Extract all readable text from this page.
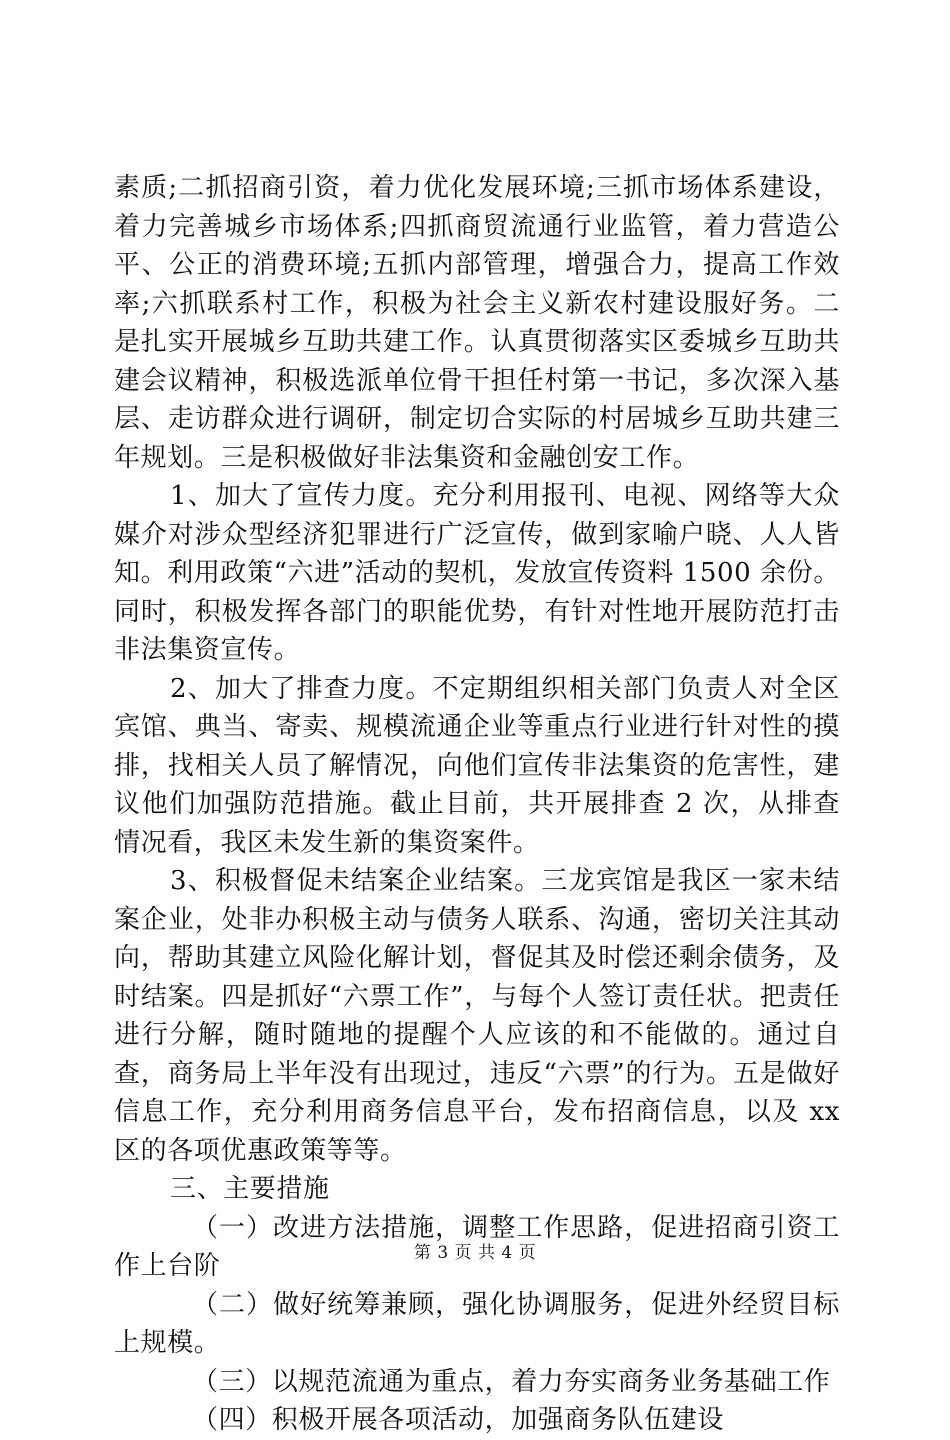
素质;二抓招商引资，着力优化发展环境;三抓市场体系建设，着力完善城乡市场体系;四抓商贸流通行业监管，着力营造公平、公正的消费环境;五抓内部管理，增强合力，提高工作效率;六抓联系村工作，积极为社会主义新农村建设服好务。二是扎实开展城乡互助共建工作。认真贯彻落实区委城乡互助共建会议精神，积极选派单位骨干担任村第一书记，多次深入基层、走访群众进行调研，制定切合实际的村居城乡互助共建三年规划。三是积极做好非法集资和金融创安工作。

1、加大了宣传力度。充分利用报刊、电视、网络等大众媒介对涉众型经济犯罪进行广泛宣传，做到家喻户晓、人人皆知。利用政策“六进”活动的契机，发放宣传资料 1500 余份。同时，积极发挥各部门的职能优势，有针对性地开展防范打击非法集资宣传。

2、加大了排查力度。不定期组织相关部门负责人对全区宾馆、典当、寄卖、规模流通企业等重点行业进行针对性的摸排，找相关人员了解情况，向他们宣传非法集资的危害性，建议他们加强防范措施。截止目前，共开展排查 2 次，从排查情况看，我区未发生新的集资案件。

3、积极督促未结案企业结案。三龙宾馆是我区一家未结案企业，处非办积极主动与债务人联系、沟通，密切关注其动向，帮助其建立风险化解计划，督促其及时偿还剩余债务，及时结案。四是抓好“六票工作”，与每个人签订责任状。把责任进行分解，随时随地的提醒个人应该的和不能做的。通过自查，商务局上半年没有出现过，违反“六票”的行为。五是做好信息工作，充分利用商务信息平台，发布招商信息，以及 xx 区的各项优惠政策等等。

三、主要措施

（一）改进方法措施，调整工作思路，促进招商引资工作上台阶

（二）做好统筹兼顾，强化协调服务，促进外经贸目标上规模。

（三）以规范流通为重点，着力夯实商务业务基础工作

（四）积极开展各项活动，加强商务队伍建设

第 3 页 共 4 页
